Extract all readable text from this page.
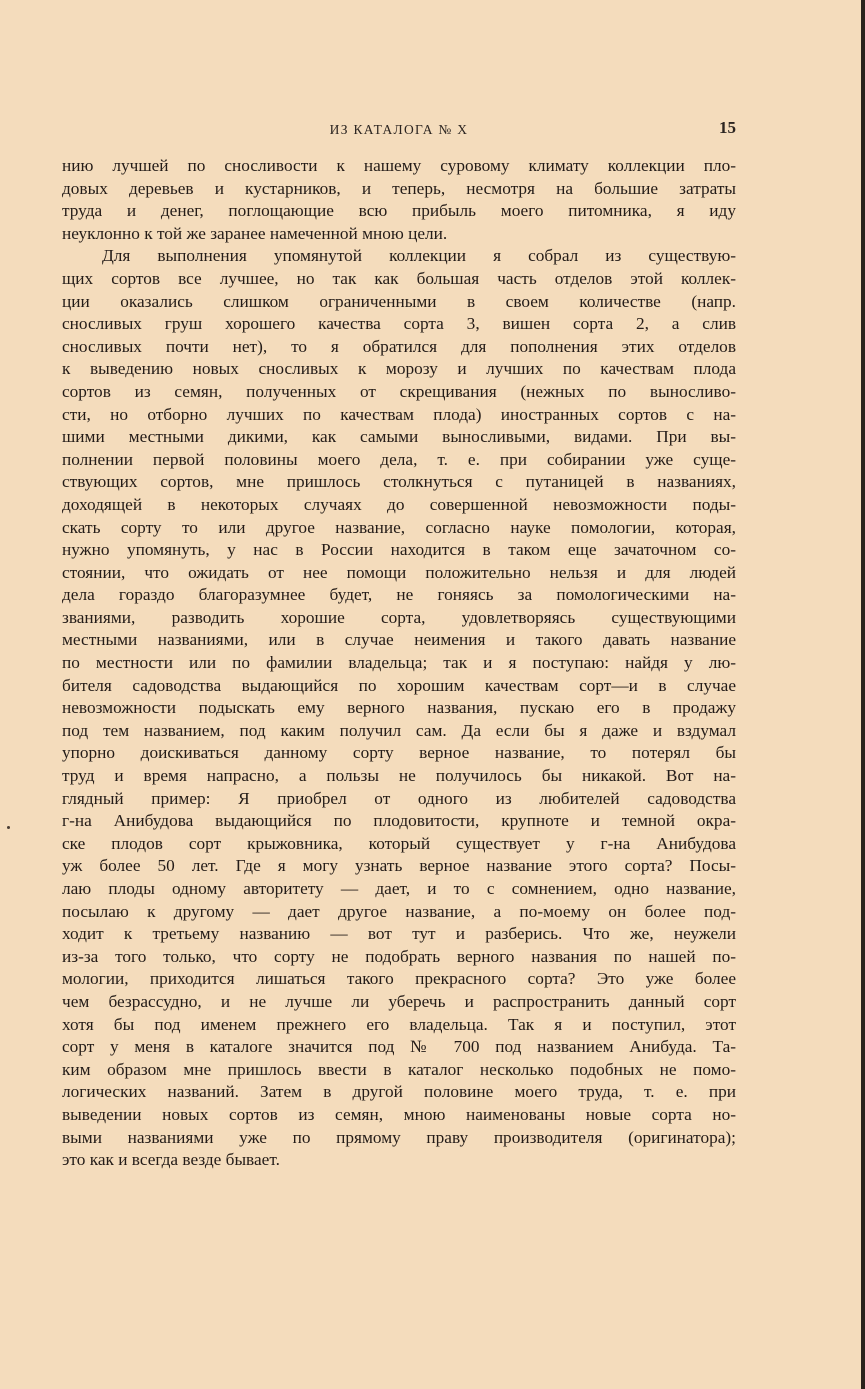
ИЗ КАТАЛОГА № X	15

нию лучшей по сносливости к нашему суровому климату коллекции пло-

довых деревьев и кустарников, и теперь, несмотря на большие затраты

труда и денег, поглощающие всю прибыль моего питомника, я иду

неуклонно к той же заранее намеченной мною цели.

Для выполнения упомянутой коллекции я собрал из существую-

щих сортов все лучшее, но так как большая часть отделов этой коллек-

ции оказались слишком ограниченными в своем количестве (напр.

сносливых груш хорошего качества сорта 3, вишен сорта 2, а слив

сносливых почти нет), то я обратился для пополнения этих отделов

к выведению новых сносливых к морозу и лучших по качествам плода

сортов из семян, полученных от скрещивания (нежных по выносливо-

сти, но отборно лучших по качествам плода) иностранных сортов с на-

шими местными дикими, как самыми выносливыми, видами. При вы-

полнении первой половины моего дела, т. е. при собирании уже суще-

ствующих сортов, мне пришлось столкнуться с путаницей в названиях,

доходящей в некоторых случаях до совершенной невозможности поды-

скать сорту то или другое название, согласно науке помологии, которая,

нужно упомянуть, у нас в России находится в таком еще зачаточном со-

стоянии, что ожидать от нее помощи положительно нельзя и для людей

дела гораздо благоразумнее будет, не гоняясь за помологическими на-

званиями, разводить хорошие сорта, удовлетворяясь существующими

местными названиями, или в случае неимения и такого давать название

по местности или по фамилии владельца; так и я поступаю: найдя у лю-

бителя садоводства выдающийся по хорошим качествам сорт—и в случае

невозможности подыскать ему верного названия, пускаю его в продажу

под тем названием, под каким получил сам. Да если бы я даже и вздумал

упорно доискиваться данному сорту верное название, то потерял бы

труд и время напрасно, а пользы не получилось бы никакой. Вот на-

глядный пример: Я приобрел от одного из любителей садоводства

г-на Анибудова выдающийся по плодовитости, крупноте и темной окра-

ске плодов сорт крыжовника, который существует у г-на Анибудова

уж более 50 лет. Где я могу узнать верное название этого сорта? Посы-

лаю плоды одному авторитету — дает, и то с сомнением, одно название,

посылаю к другому — дает другое название, а по-моему он более под-

ходит к третьему названию — вот тут и разберись. Что же, неужели

из-за того только, что сорту не подобрать верного названия по нашей по-

мологии, приходится лишаться такого прекрасного сорта? Это уже более

чем безрассудно, и не лучше ли уберечь и распространить данный сорт

хотя бы под именем прежнего его владельца. Так я и поступил, этот

сорт у меня в каталоге значится под № 700 под названием Анибуда. Та-

ким образом мне пришлось ввести в каталог несколько подобных не помо-

логических названий. Затем в другой половине моего труда, т. е. при

выведении новых сортов из семян, мною наименованы новые сорта но-

выми названиями уже по прямому праву производителя (оригинатора);

это как и всегда везде бывает.
